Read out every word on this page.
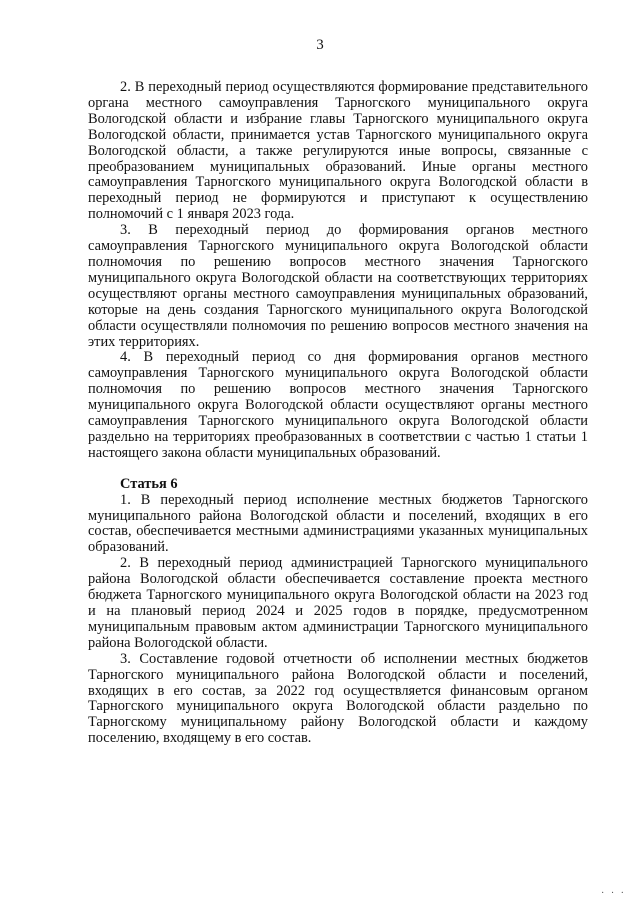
3

2. В переходный период осуществляются формирование представительного органа местного самоуправления Тарногского муниципального округа Вологодской области и избрание главы Тарногского муниципального округа Вологодской области, принимается устав Тарногского муниципального округа Вологодской области, а также регулируются иные вопросы, связанные с преобразованием муниципальных образований. Иные органы местного самоуправления Тарногского муниципального округа Вологодской области в переходный период не формируются и приступают к осуществлению полномочий с 1 января 2023 года.

3. В переходный период до формирования органов местного самоуправления Тарногского муниципального округа Вологодской области полномочия по решению вопросов местного значения Тарногского муниципального округа Вологодской области на соответствующих территориях осуществляют органы местного самоуправления муниципальных образований, которые на день создания Тарногского муниципального округа Вологодской области осуществляли полномочия по решению вопросов местного значения на этих территориях.

4. В переходный период со дня формирования органов местного самоуправления Тарногского муниципального округа Вологодской области полномочия по решению вопросов местного значения Тарногского муниципального округа Вологодской области осуществляют органы местного самоуправления Тарногского муниципального округа Вологодской области раздельно на территориях преобразованных в соответствии с частью 1 статьи 1 настоящего закона области муниципальных образований.

Статья 6

1. В переходный период исполнение местных бюджетов Тарногского муниципального района Вологодской области и поселений, входящих в его состав, обеспечивается местными администрациями указанных муниципальных образований.

2. В переходный период администрацией Тарногского муниципального района Вологодской области обеспечивается составление проекта местного бюджета Тарногского муниципального округа Вологодской области на 2023 год и на плановый период 2024 и 2025 годов в порядке, предусмотренном муниципальным правовым актом администрации Тарногского муниципального района Вологодской области.

3. Составление годовой отчетности об исполнении местных бюджетов Тарногского муниципального района Вологодской области и поселений, входящих в его состав, за 2022 год осуществляется финансовым органом Тарногского муниципального округа Вологодской области раздельно по Тарногскому муниципальному району Вологодской области и каждому поселению, входящему в его состав.

· · ·
